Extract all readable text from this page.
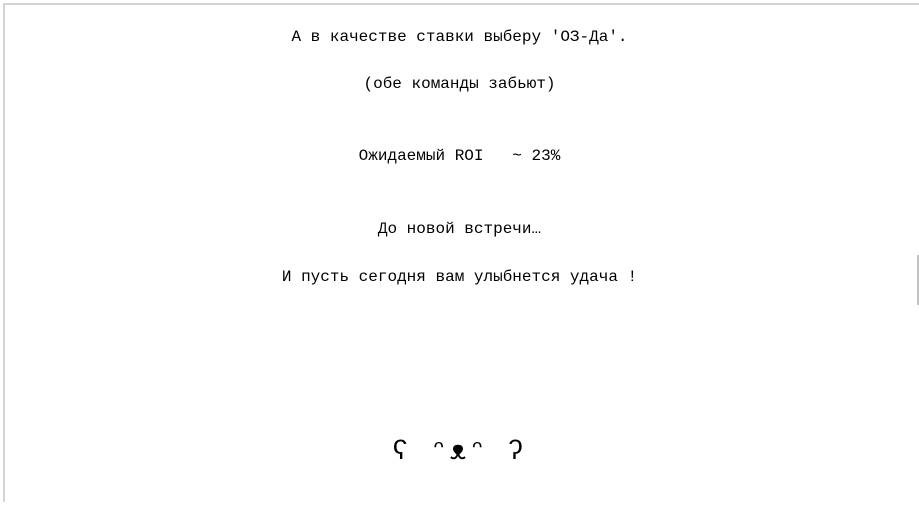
А в качестве ставки выберу 'ОЗ-Да'.

(обе команды забьют)

Ожидаемый ROI   ~ 23%

До новой встречи…

И пусть сегодня вам улыбнется удача !

ʕ ᵔᴥᵔ ʔ
